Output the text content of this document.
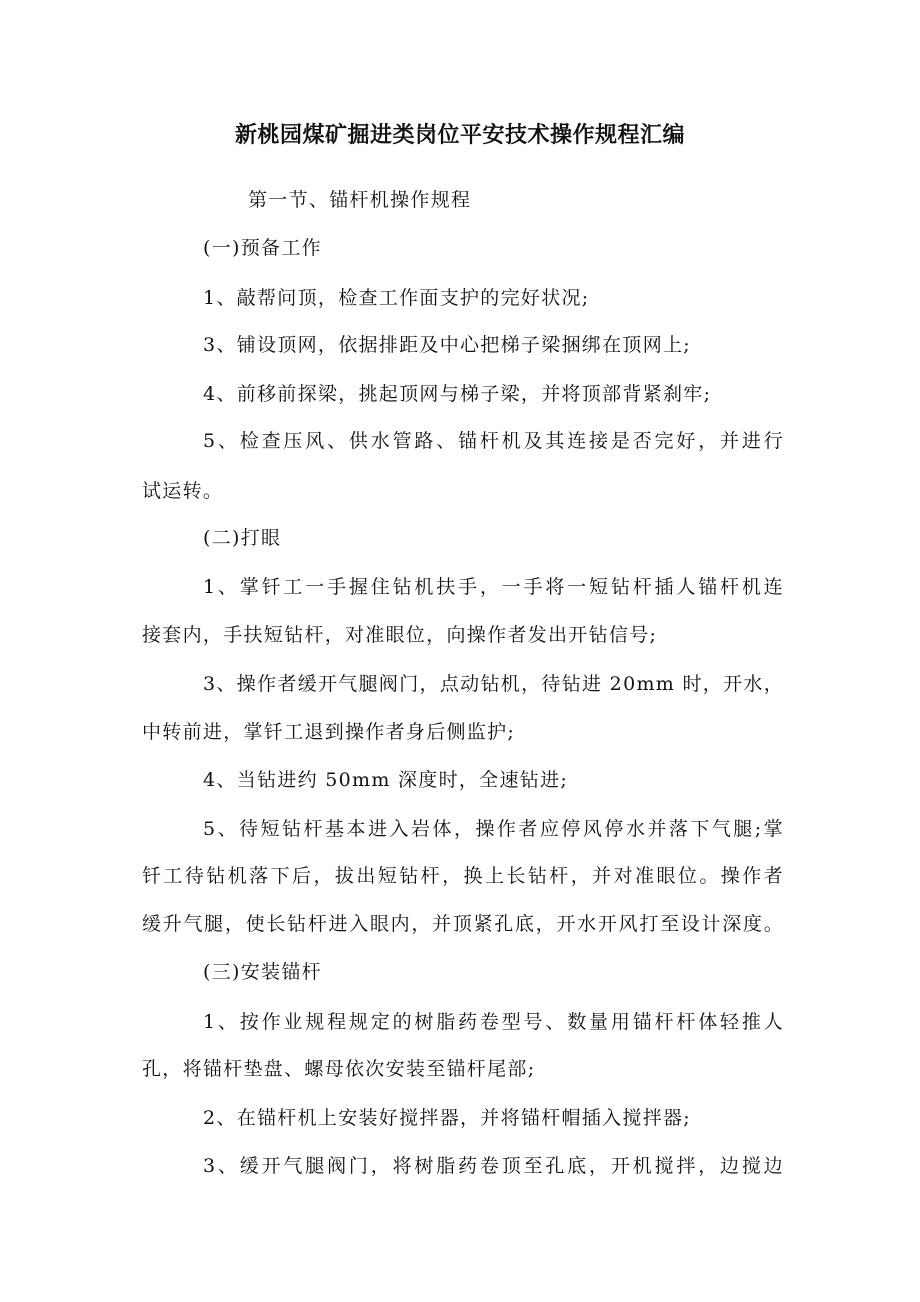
新桃园煤矿掘进类岗位平安技术操作规程汇编
第一节、锚杆机操作规程
(一)预备工作
1、敲帮问顶，检查工作面支护的完好状况;
3、铺设顶网，依据排距及中心把梯子梁捆绑在顶网上;
4、前移前探梁，挑起顶网与梯子梁，并将顶部背紧刹牢;
5、检查压风、供水管路、锚杆机及其连接是否完好，并进行
试运转。
(二)打眼
1、掌钎工一手握住钻机扶手，一手将一短钻杆插人锚杆机连
接套内，手扶短钻杆，对准眼位，向操作者发出开钻信号;
3、操作者缓开气腿阀门，点动钻机，待钻进 20mm 时，开水，
中转前进，掌钎工退到操作者身后侧监护;
4、当钻进约 50mm 深度时，全速钻进;
5、待短钻杆基本进入岩体，操作者应停风停水并落下气腿;掌
钎工待钻机落下后，拔出短钻杆，换上长钻杆，并对准眼位。操作者
缓升气腿，使长钻杆进入眼内，并顶紧孔底，开水开风打至设计深度。
(三)安装锚杆
1、按作业规程规定的树脂药卷型号、数量用锚杆杆体轻推人
孔，将锚杆垫盘、螺母依次安装至锚杆尾部;
2、在锚杆机上安装好搅拌器，并将锚杆帽插入搅拌器;
3、缓开气腿阀门，将树脂药卷顶至孔底，开机搅拌，边搅边
